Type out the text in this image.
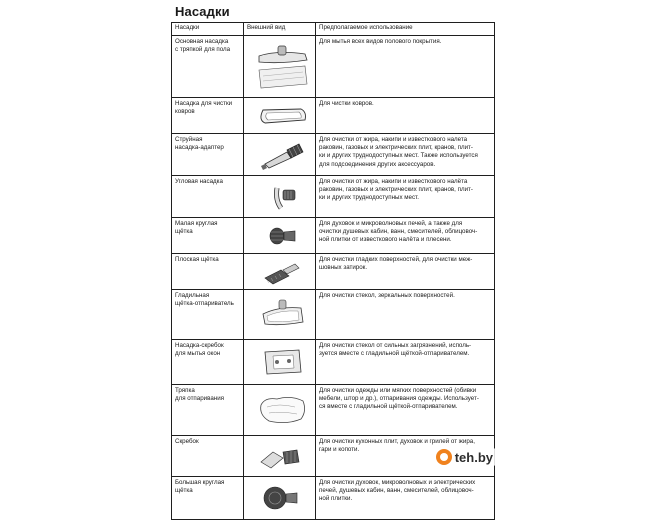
Насадки
Насадки	Внешний вид	Предполагаемое использование
Основная насадка
с тряпкой для пола		Для мытья всех видов полового покрытия.
Насадка для чистки
ковров		Для чистки ковров.
Струйная
насадка-адаптер		Для очистки от жира, накипи и известкового налета
раковин, газовых и электрических плит, кранов, плит-
ки и других труднодоступных мест. Также используется
для подсоединения других аксессуаров.
Угловая насадка		Для очистки от жира, накипи и известкового налёта
раковин, газовых и электрических плит, кранов, плит-
ки и других труднодоступных мест.
Малая круглая
щётка		Для духовок и микроволновых печей, а также для
очистки душевых кабин, ванн, смесителей, облицовоч-
ной плитки от известкового налёта и плесени.
Плоская щётка		Для очистки гладких поверхностей, для очистки меж-
шовных затирок.
Гладильная
щётка-отпариватель		Для очистки стекол, зеркальных поверхностей.
Насадка-скребок
для мытья окон		Для очистки стекол от сильных загрязнений, исполь-
зуется вместе с гладильной щёткой-отпаривателем.
Тряпка
для отпаривания		Для очистки одежды или мягких поверхностей (обивки
мебели, штор и др.), отпаривания одежды. Использует-
ся вместе с гладильной щёткой-отпаривателем.
Скребок		Для очистки кухонных плит, духовок и грилей от жира,
гари и копоти.
Большая круглая
щётка		Для очистки духовок, микроволновых и электрических
печей, душевых кабин, ванн, смесителей, облицовоч-
ной плитки.
teh.by
